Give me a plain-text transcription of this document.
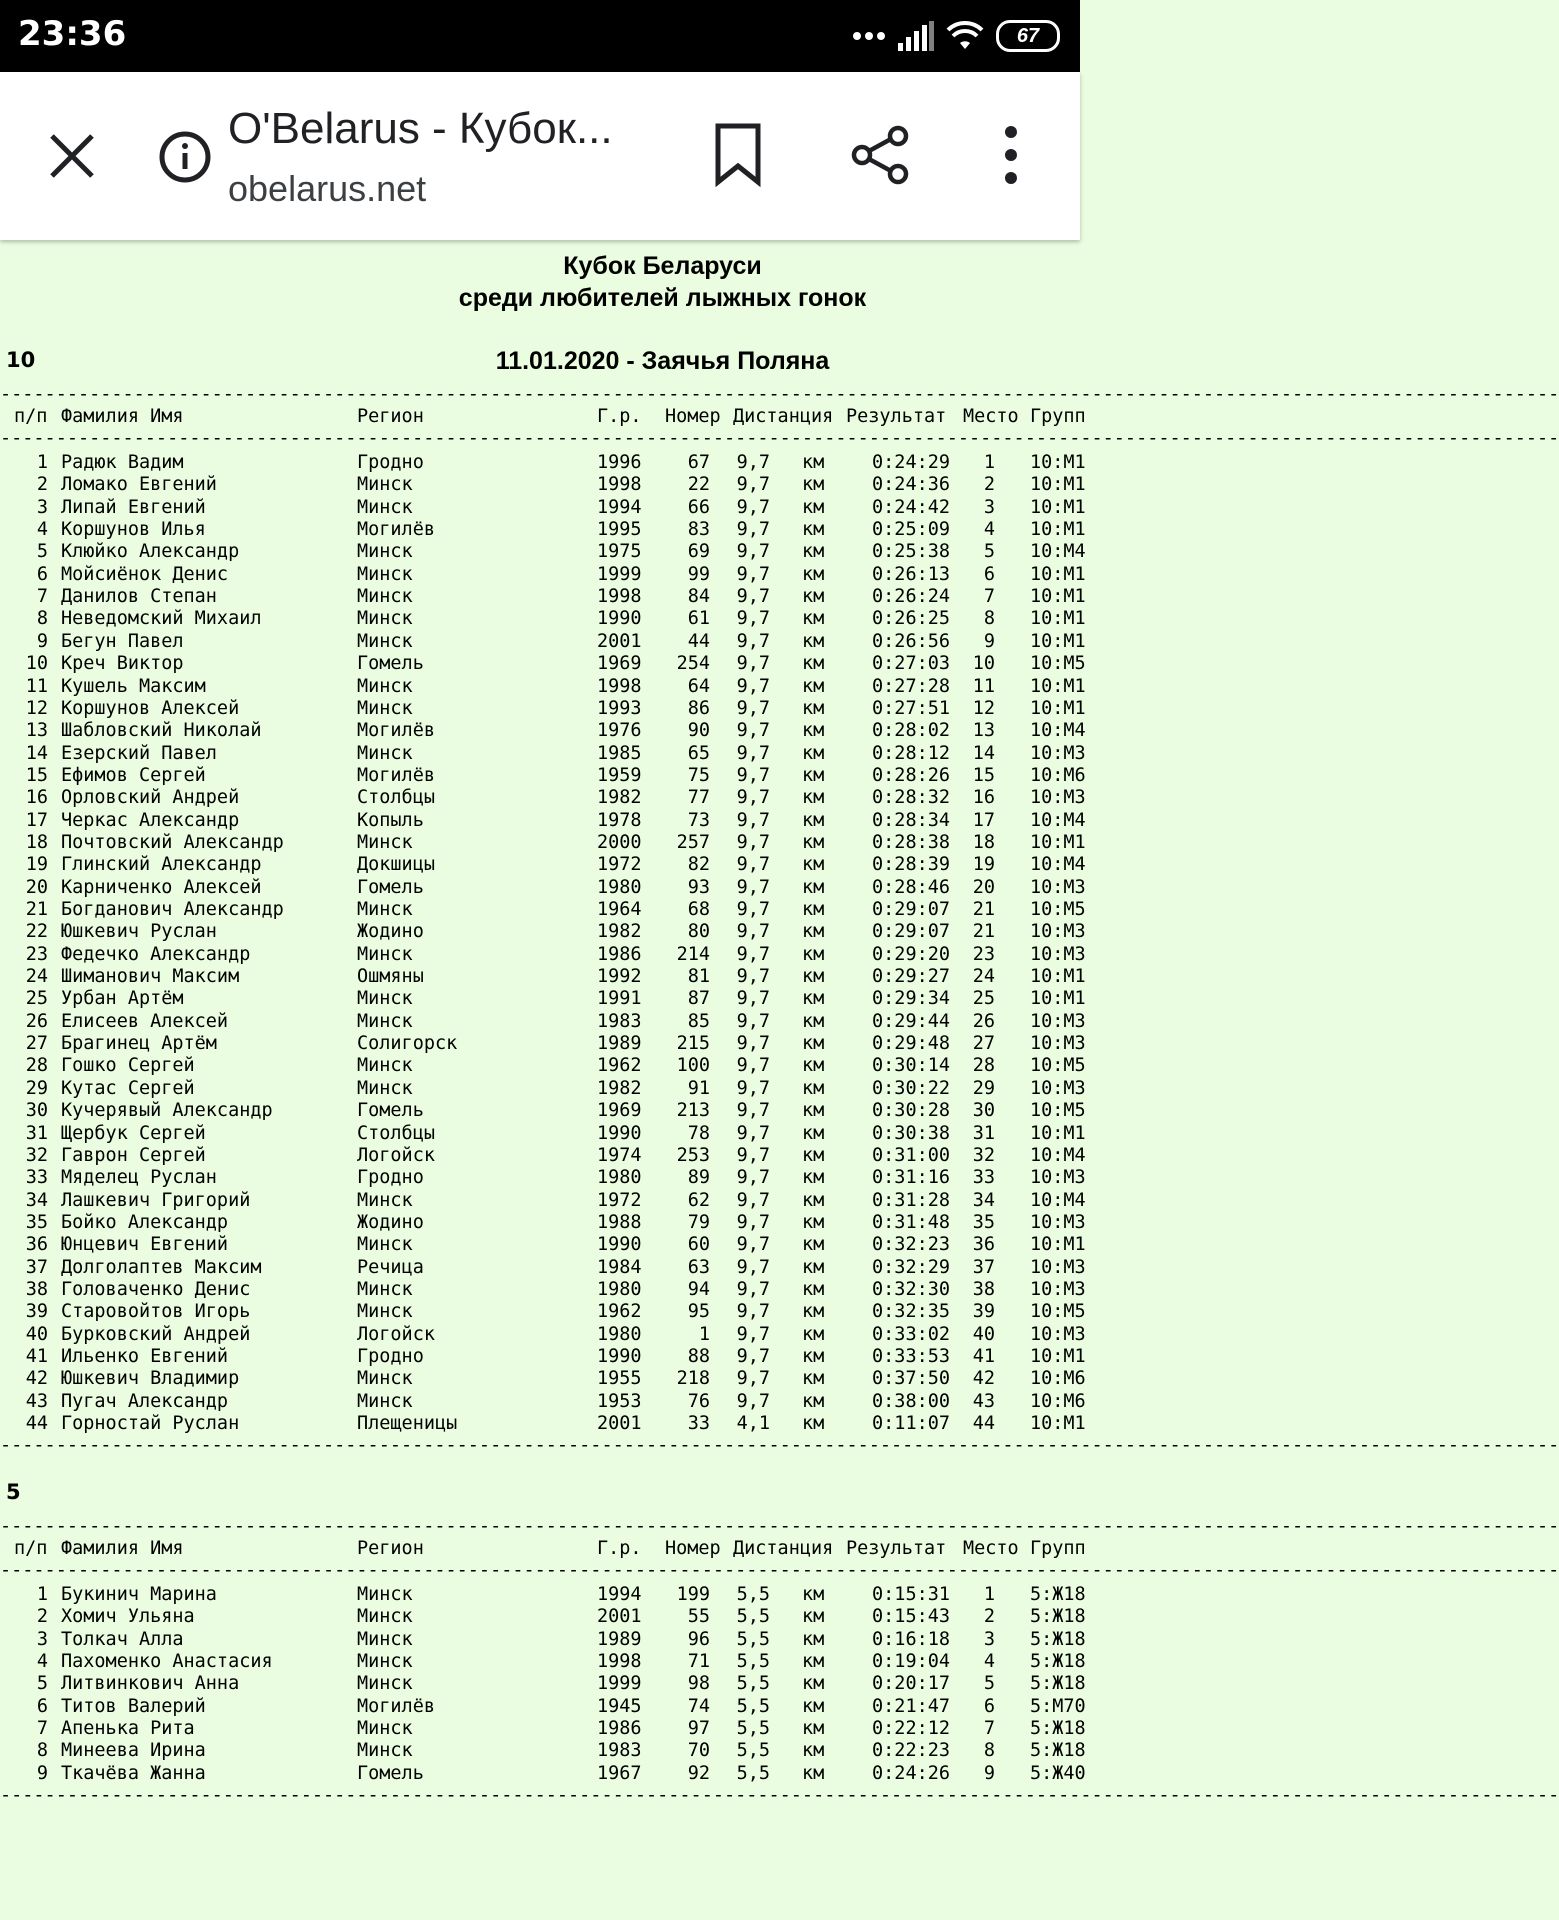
23:36	67
O'Belarus - Кубок...
obelarus.net
Кубок Беларуси
среди любителей лыжных гонок
11.01.2020 - Заячья Поляна
10
--------------------------------------------------------------------------------------------------------------------------------------------
п/п Фамилия Имя	Регион	Г.р. Номер Дистанция Результат Место Групп
--------------------------------------------------------------------------------------------------------------------------------------------
1 Радюк Вадим	Гродно	1996 67 9,7 км	0:24:29 1 10:М1
2 Ломако Евгений	Минск	1998 22 9,7 км	0:24:36 2 10:М1
3 Липай Евгений	Минск	1994 66 9,7 км	0:24:42 3 10:М1
4 Коршунов Илья	Могилёв	1995 83 9,7 км	0:25:09 4 10:М1
5 Клюйко Александр	Минск	1975 69 9,7 км	0:25:38 5 10:М4
6 Мойсиёнок Денис	Минск	1999 99 9,7 км	0:26:13 6 10:М1
7 Данилов Степан	Минск	1998 84 9,7 км	0:26:24 7 10:М1
8 Неведомский Михаил	Минск	1990 61 9,7 км	0:26:25 8 10:М1
9 Бегун Павел	Минск	2001 44 9,7 км	0:26:56 9 10:М1
10 Креч Виктор	Гомель	1969 254 9,7 км	0:27:03 10 10:М5
11 Кушель Максим	Минск	1998 64 9,7 км	0:27:28 11 10:М1
12 Коршунов Алексей	Минск	1993 86 9,7 км	0:27:51 12 10:М1
13 Шабловский Николай	Могилёв	1976 90 9,7 км	0:28:02 13 10:М4
14 Езерский Павел	Минск	1985 65 9,7 км	0:28:12 14 10:М3
15 Ефимов Сергей	Могилёв	1959 75 9,7 км	0:28:26 15 10:М6
16 Орловский Андрей	Столбцы	1982 77 9,7 км	0:28:32 16 10:М3
17 Черкас Александр	Копыль	1978 73 9,7 км	0:28:34 17 10:М4
18 Почтовский Александр	Минск	2000 257 9,7 км	0:28:38 18 10:М1
19 Глинский Александр	Докшицы	1972 82 9,7 км	0:28:39 19 10:М4
20 Карниченко Алексей	Гомель	1980 93 9,7 км	0:28:46 20 10:М3
21 Богданович Александр	Минск	1964 68 9,7 км	0:29:07 21 10:М5
22 Юшкевич Руслан	Жодино	1982 80 9,7 км	0:29:07 21 10:М3
23 Федечко Александр	Минск	1986 214 9,7 км	0:29:20 23 10:М3
24 Шиманович Максим	Ошмяны	1992 81 9,7 км	0:29:27 24 10:М1
25 Урбан Артём	Минск	1991 87 9,7 км	0:29:34 25 10:М1
26 Елисеев Алексей	Минск	1983 85 9,7 км	0:29:44 26 10:М3
27 Брагинец Артём	Солигорск	1989 215 9,7 км	0:29:48 27 10:М3
28 Гошко Сергей	Минск	1962 100 9,7 км	0:30:14 28 10:М5
29 Кутас Сергей	Минск	1982 91 9,7 км	0:30:22 29 10:М3
30 Кучерявый Александр	Гомель	1969 213 9,7 км	0:30:28 30 10:М5
31 Щербук Сергей	Столбцы	1990 78 9,7 км	0:30:38 31 10:М1
32 Гаврон Сергей	Логойск	1974 253 9,7 км	0:31:00 32 10:М4
33 Мяделец Руслан	Гродно	1980 89 9,7 км	0:31:16 33 10:М3
34 Лашкевич Григорий	Минск	1972 62 9,7 км	0:31:28 34 10:М4
35 Бойко Александр	Жодино	1988 79 9,7 км	0:31:48 35 10:М3
36 Юнцевич Евгений	Минск	1990 60 9,7 км	0:32:23 36 10:М1
37 Долголаптев Максим	Речица	1984 63 9,7 км	0:32:29 37 10:М3
38 Головаченко Денис	Минск	1980 94 9,7 км	0:32:30 38 10:М3
39 Старовойтов Игорь	Минск	1962 95 9,7 км	0:32:35 39 10:М5
40 Бурковский Андрей	Логойск	1980	1 9,7 км	0:33:02 40 10:М3
41 Ильенко Евгений	Гродно	1990 88 9,7 км	0:33:53 41 10:М1
42 Юшкевич Владимир	Минск	1955 218 9,7 км	0:37:50 42 10:М6
43 Пугач Александр	Минск	1953 76 9,7 км	0:38:00 43 10:М6
44 Горностай Руслан	Плещеницы	2001 33 4,1 км	0:11:07 44 10:М1
--------------------------------------------------------------------------------------------------------------------------------------------
5
--------------------------------------------------------------------------------------------------------------------------------------------
п/п Фамилия Имя	Регион	Г.р. Номер Дистанция Результат Место Групп
--------------------------------------------------------------------------------------------------------------------------------------------
1 Букинич Марина	Минск	1994 199 5,5 км	0:15:31 1 5:Ж18
2 Хомич Ульяна	Минск	2001 55 5,5 км	0:15:43 2 5:Ж18
3 Толкач Алла	Минск	1989 96 5,5 км	0:16:18 3 5:Ж18
4 Пахоменко Анастасия	Минск	1998 71 5,5 км	0:19:04 4 5:Ж18
5 Литвинкович Анна	Минск	1999 98 5,5 км	0:20:17 5 5:Ж18
6 Титов Валерий	Могилёв	1945 74 5,5 км	0:21:47 6 5:М70
7 Апенька Рита	Минск	1986 97 5,5 км	0:22:12 7 5:Ж18
8 Минеева Ирина	Минск	1983 70 5,5 км	0:22:23 8 5:Ж18
9 Ткачёва Жанна	Гомель	1967 92 5,5 км	0:24:26 9 5:Ж40
--------------------------------------------------------------------------------------------------------------------------------------------
